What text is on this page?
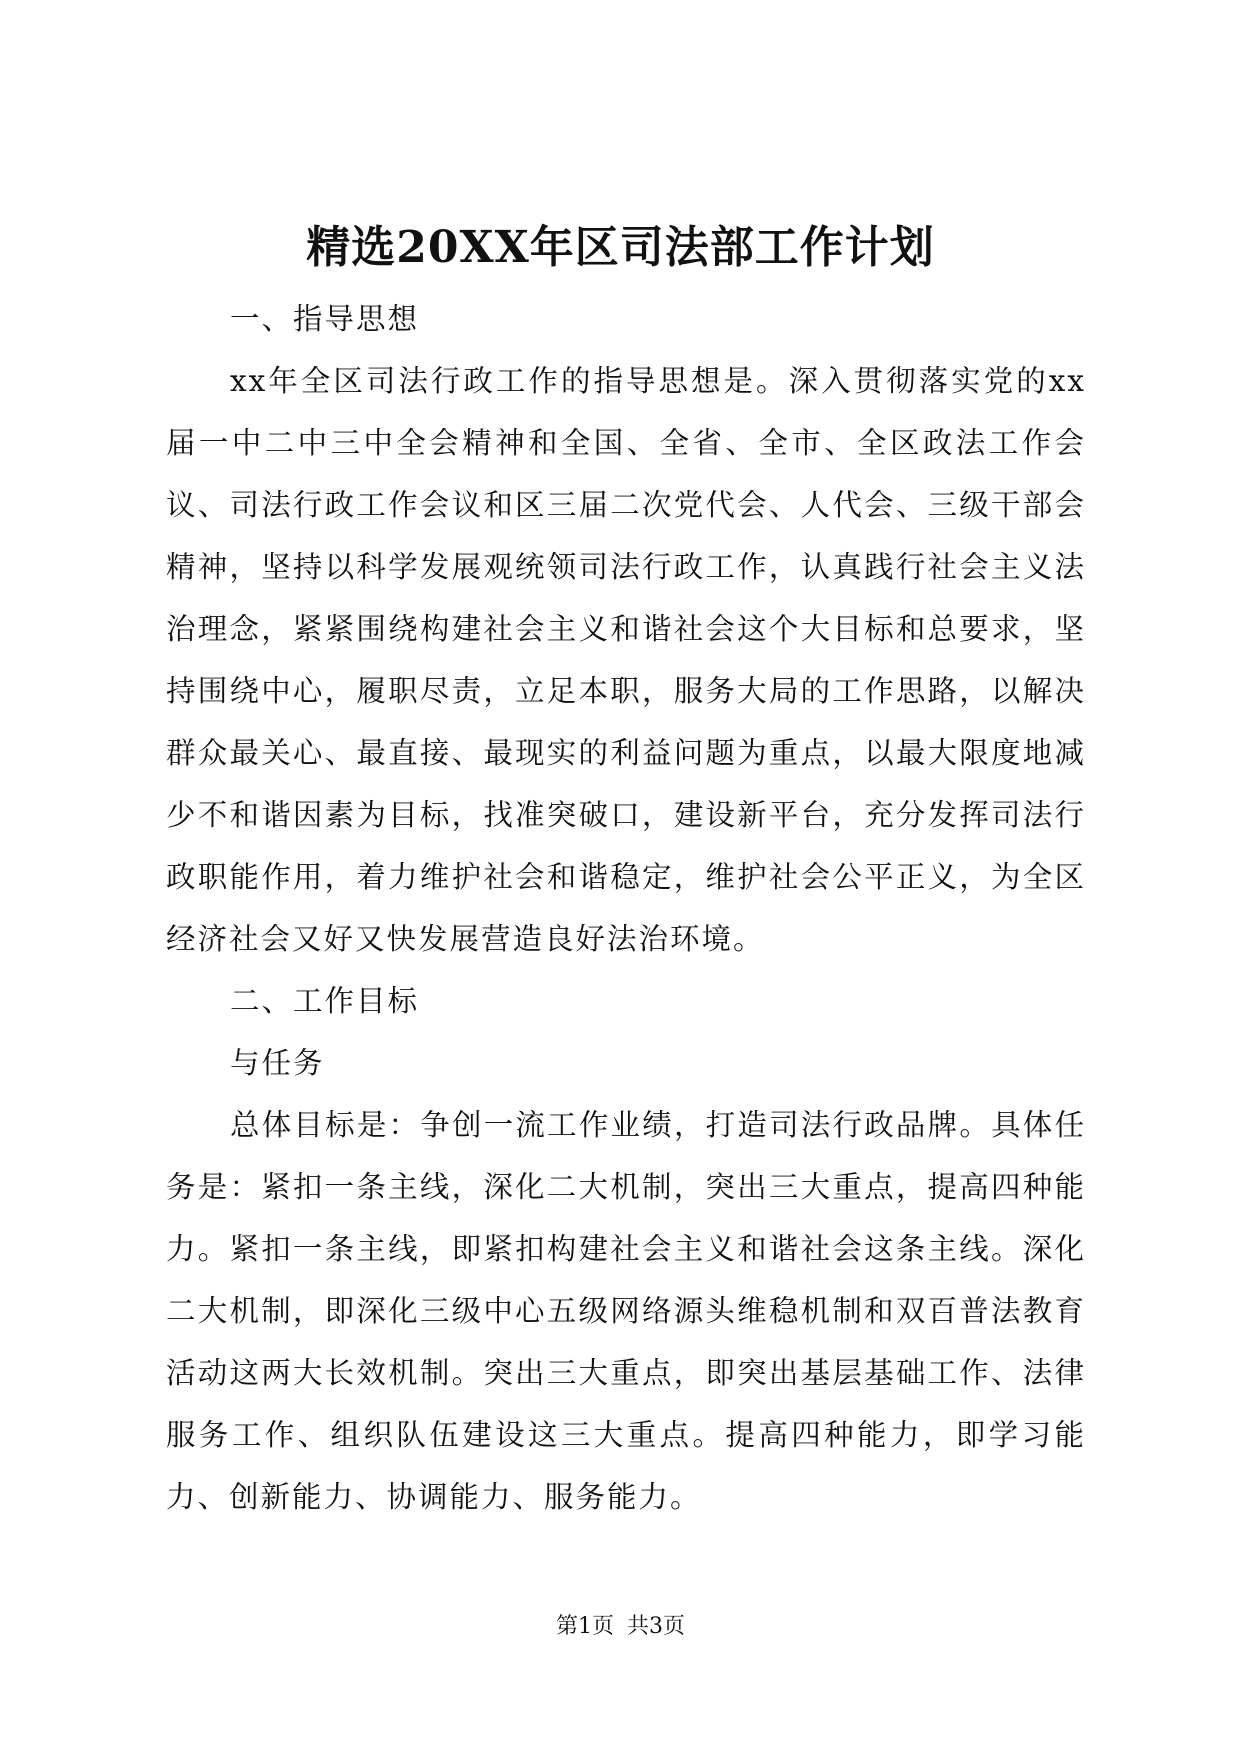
精选20XX年区司法部工作计划

一、指导思想

xx年全区司法行政工作的指导思想是。深入贯彻落实党的xx届一中二中三中全会精神和全国、全省、全市、全区政法工作会议、司法行政工作会议和区三届二次党代会、人代会、三级干部会精神，坚持以科学发展观统领司法行政工作，认真践行社会主义法治理念，紧紧围绕构建社会主义和谐社会这个大目标和总要求，坚持围绕中心，履职尽责，立足本职，服务大局的工作思路，以解决群众最关心、最直接、最现实的利益问题为重点，以最大限度地减少不和谐因素为目标，找准突破口，建设新平台，充分发挥司法行政职能作用，着力维护社会和谐稳定，维护社会公平正义，为全区经济社会又好又快发展营造良好法治环境。

二、工作目标

与任务

总体目标是：争创一流工作业绩，打造司法行政品牌。具体任务是：紧扣一条主线，深化二大机制，突出三大重点，提高四种能力。紧扣一条主线，即紧扣构建社会主义和谐社会这条主线。深化二大机制，即深化三级中心五级网络源头维稳机制和双百普法教育活动这两大长效机制。突出三大重点，即突出基层基础工作、法律服务工作、组织队伍建设这三大重点。提高四种能力，即学习能力、创新能力、协调能力、服务能力。

第1页 共3页
